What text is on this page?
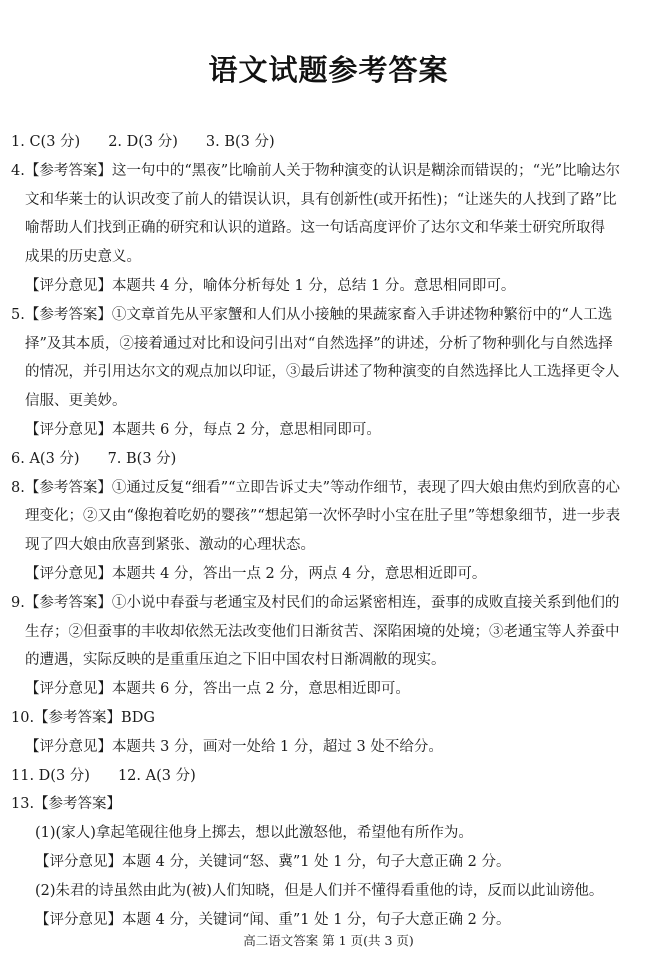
语文试题参考答案
1. C(3 分) 2. D(3 分) 3. B(3 分)
4.【参考答案】这一句中的“黑夜”比喻前人关于物种演变的认识是糊涂而错误的；“光”比喻达尔
文和华莱士的认识改变了前人的错误认识，具有创新性(或开拓性)；“让迷失的人找到了路”比
喻帮助人们找到正确的研究和认识的道路。这一句话高度评价了达尔文和华莱士研究所取得
成果的历史意义。
【评分意见】本题共 4 分，喻体分析每处 1 分，总结 1 分。意思相同即可。
5.【参考答案】①文章首先从平家蟹和人们从小接触的果蔬家畜入手讲述物种繁衍中的“人工选
择”及其本质，②接着通过对比和设问引出对“自然选择”的讲述，分析了物种驯化与自然选择
的情况，并引用达尔文的观点加以印证，③最后讲述了物种演变的自然选择比人工选择更令人
信服、更美妙。
【评分意见】本题共 6 分，每点 2 分，意思相同即可。
6. A(3 分) 7. B(3 分)
8.【参考答案】①通过反复“细看”“立即告诉丈夫”等动作细节，表现了四大娘由焦灼到欣喜的心
理变化；②又由“像抱着吃奶的婴孩”“想起第一次怀孕时小宝在肚子里”等想象细节，进一步表
现了四大娘由欣喜到紧张、激动的心理状态。
【评分意见】本题共 4 分，答出一点 2 分，两点 4 分，意思相近即可。
9.【参考答案】①小说中春蚕与老通宝及村民们的命运紧密相连，蚕事的成败直接关系到他们的
生存；②但蚕事的丰收却依然无法改变他们日渐贫苦、深陷困境的处境；③老通宝等人养蚕中
的遭遇，实际反映的是重重压迫之下旧中国农村日渐凋敝的现实。
【评分意见】本题共 6 分，答出一点 2 分，意思相近即可。
10.【参考答案】BDG
【评分意见】本题共 3 分，画对一处给 1 分，超过 3 处不给分。
11. D(3 分) 12. A(3 分)
13.【参考答案】
(1)(家人)拿起笔砚往他身上掷去，想以此激怒他，希望他有所作为。
【评分意见】本题 4 分，关键词“怒、冀”1 处 1 分，句子大意正确 2 分。
(2)朱君的诗虽然由此为(被)人们知晓，但是人们并不懂得看重他的诗，反而以此讪谤他。
【评分意见】本题 4 分，关键词“闻、重”1 处 1 分，句子大意正确 2 分。
高二语文答案 第 1 页(共 3 页)
